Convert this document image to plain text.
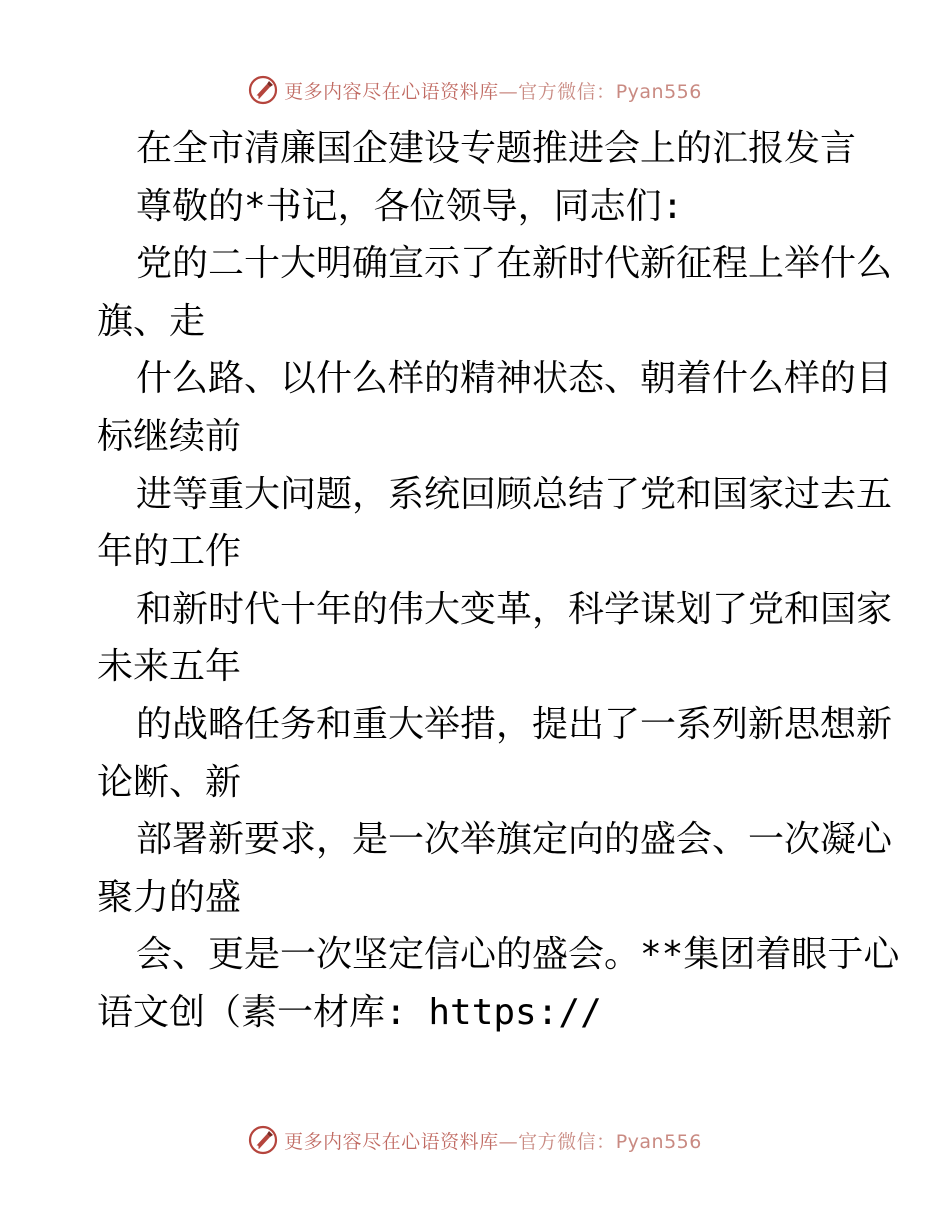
更多内容尽在心语资料库—官方微信：Pyan556
在全市清廉国企建设专题推进会上的汇报发言
尊敬的*书记，各位领导，同志们:
党的二十大明确宣示了在新时代新征程上举什么
旗、走
什么路、以什么样的精神状态、朝着什么样的目
标继续前
进等重大问题，系统回顾总结了党和国家过去五
年的工作
和新时代十年的伟大变革，科学谋划了党和国家
未来五年
的战略任务和重大举措，提出了一系列新思想新
论断、新
部署新要求，是一次举旗定向的盛会、一次凝心
聚力的盛
会、更是一次坚定信心的盛会。**集团着眼于心
语文创（素一材库: https://
更多内容尽在心语资料库—官方微信：Pyan556
